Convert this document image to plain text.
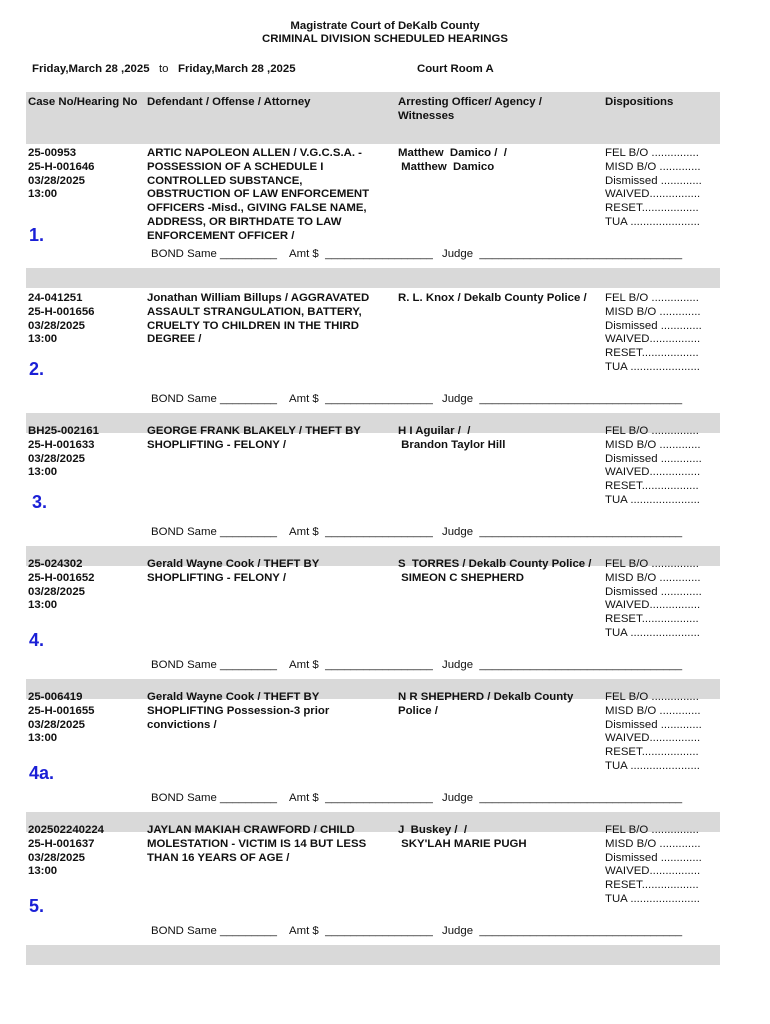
Magistrate Court of DeKalb County
CRIMINAL DIVISION SCHEDULED HEARINGS
Friday,March 28 ,2025 to Friday,March 28 ,2025	Court Room A
Case No/Hearing No Defendant / Offense / Attorney	Arresting Officer/ Agency /
Witnesses
Dispositions
25-00953
25-H-001646
03/28/2025
13:00
ARTIC NAPOLEON ALLEN / V.G.C.S.A. -
POSSESSION OF A SCHEDULE I
CONTROLLED SUBSTANCE,
OBSTRUCTION OF LAW ENFORCEMENT
OFFICERS -Misd., GIVING FALSE NAME,
ADDRESS, OR BIRTHDATE TO LAW
ENFORCEMENT OFFICER /
Matthew  Damico /  /
Matthew  Damico
FEL B/O ...............
MISD B/O .............
Dismissed .............
WAIVED................
RESET..................
TUA ......................
1.
BOND Same _________ Amt $  _________________ Judge  ________________________________
24-041251
25-H-001656
03/28/2025
13:00
Jonathan William Billups / AGGRAVATED
ASSAULT STRANGULATION, BATTERY,
CRUELTY TO CHILDREN IN THE THIRD
DEGREE /
R. L. Knox / Dekalb County Police / FEL B/O ...............
MISD B/O .............
Dismissed .............
WAIVED................
RESET..................
TUA ......................
2.
BOND Same _________ Amt $  _________________ Judge  ________________________________
BH25-002161
25-H-001633
03/28/2025
13:00
GEORGE FRANK BLAKELY / THEFT BY
SHOPLIFTING - FELONY /
H I Aguilar /  /
Brandon Taylor Hill
FEL B/O ...............
MISD B/O .............
Dismissed .............
WAIVED................
RESET..................
TUA ......................
3.
BOND Same _________ Amt $  _________________ Judge  ________________________________
25-024302
25-H-001652
03/28/2025
13:00
Gerald Wayne Cook / THEFT BY
SHOPLIFTING - FELONY /
S  TORRES / Dekalb County Police /
SIMEON C SHEPHERD
FEL B/O ...............
MISD B/O .............
Dismissed .............
WAIVED................
RESET..................
TUA ......................
4.
BOND Same _________ Amt $  _________________ Judge  ________________________________
25-006419
25-H-001655
03/28/2025
13:00
Gerald Wayne Cook / THEFT BY
SHOPLIFTING Possession-3 prior
convictions /
N R SHEPHERD / Dekalb County
Police /
FEL B/O ...............
MISD B/O .............
Dismissed .............
WAIVED................
RESET..................
TUA ......................
4a.
BOND Same _________ Amt $  _________________ Judge  ________________________________
202502240224
25-H-001637
03/28/2025
13:00
JAYLAN MAKIAH CRAWFORD / CHILD
MOLESTATION - VICTIM IS 14 BUT LESS
THAN 16 YEARS OF AGE /
J  Buskey /  /
SKY'LAH MARIE PUGH
FEL B/O ...............
MISD B/O .............
Dismissed .............
WAIVED................
RESET..................
TUA ......................
5.
BOND Same _________ Amt $  _________________ Judge  ________________________________
